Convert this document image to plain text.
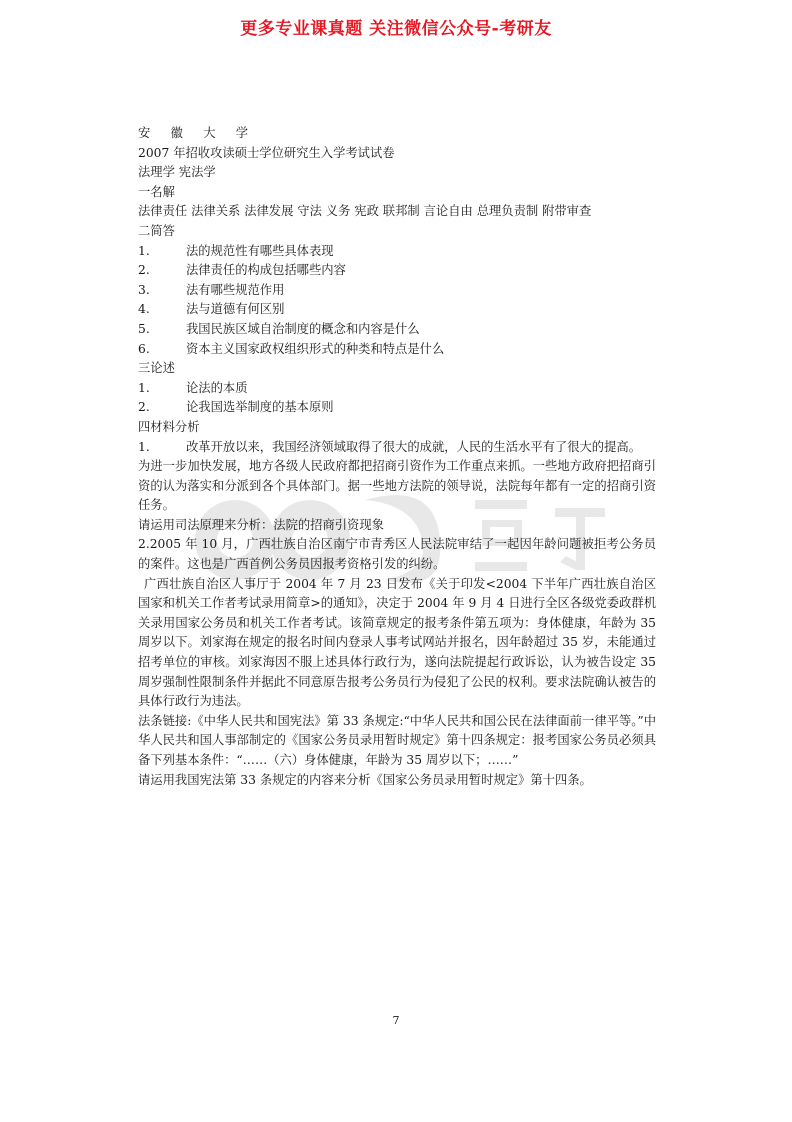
更多专业课真题 关注微信公众号-考研友
安　徽　大　学
2007 年招收攻读硕士学位研究生入学考试试卷
法理学 宪法学
一名解
法律责任 法律关系 法律发展 守法 义务 宪政 联邦制 言论自由 总理负责制 附带审查
二简答
1.	法的规范性有哪些具体表现
2.	法律责任的构成包括哪些内容
3.	法有哪些规范作用
4.	法与道德有何区别
5.	我国民族区域自治制度的概念和内容是什么
6.	资本主义国家政权组织形式的种类和特点是什么
三论述
1.	论法的本质
2.	论我国选举制度的基本原则
四材料分析
1.	改革开放以来，我国经济领域取得了很大的成就，人民的生活水平有了很大的提高。
为进一步加快发展，地方各级人民政府都把招商引资作为工作重点来抓。一些地方政府把招商引资的认为落实和分派到各个具体部门。据一些地方法院的领导说，法院每年都有一定的招商引资任务。
请运用司法原理来分析：法院的招商引资现象
2.2005 年 10 月，广西壮族自治区南宁市青秀区人民法院审结了一起因年龄问题被拒考公务员的案件。这也是广西首例公务员因报考资格引发的纠纷。
广西壮族自治区人事厅于 2004 年 7 月 23 日发布《关于印发<2004 下半年广西壮族自治区国家和机关工作者考试录用简章>的通知》，决定于 2004 年 9 月 4 日进行全区各级党委政群机关录用国家公务员和机关工作者考试。该简章规定的报考条件第五项为：身体健康，年龄为 35 周岁以下。刘家海在规定的报名时间内登录人事考试网站并报名，因年龄超过 35 岁，未能通过招考单位的审核。刘家海因不服上述具体行政行为，遂向法院提起行政诉讼，认为被告设定 35 周岁强制性限制条件并据此不同意原告报考公务员行为侵犯了公民的权利。要求法院确认被告的具体行政行为违法。
法条链接:《中华人民共和国宪法》第 33 条规定:“中华人民共和国公民在法律面前一律平等。”中华人民共和国人事部制定的《国家公务员录用暂时规定》第十四条规定：报考国家公务员必须具备下列基本条件：“……（六）身体健康，年龄为 35 周岁以下；……”
请运用我国宪法第 33 条规定的内容来分析《国家公务员录用暂时规定》第十四条。
7
